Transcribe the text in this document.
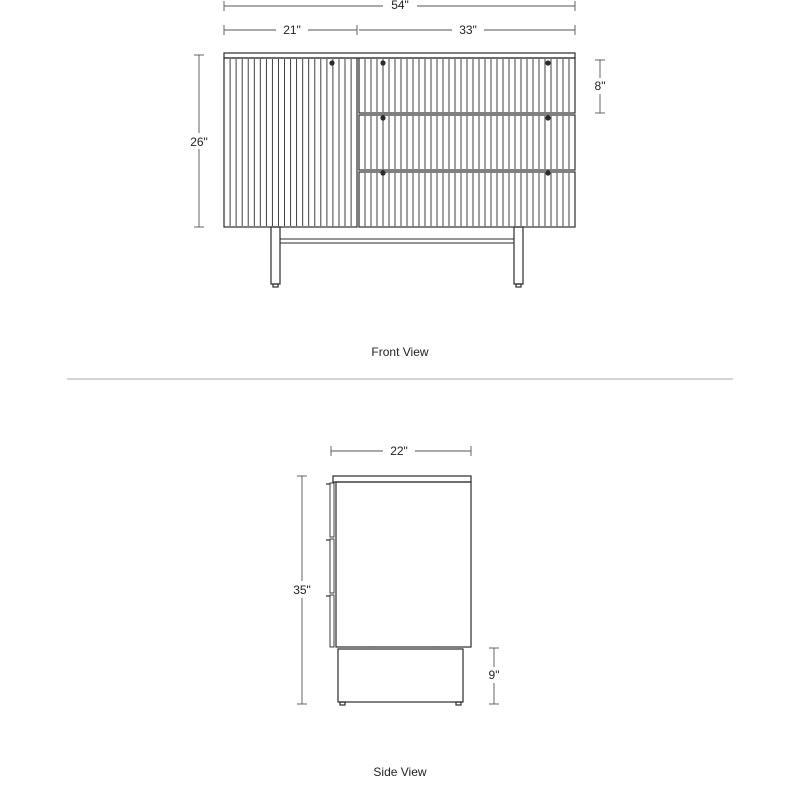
54"
21"	33"
26"
8"
Front View
22"
35"
9"
Side View
